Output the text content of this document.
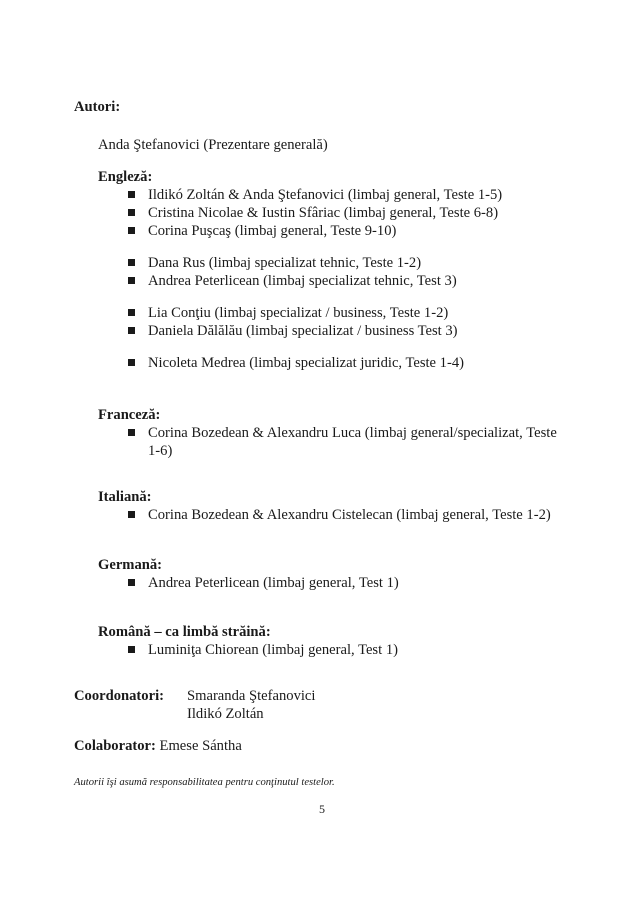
Autori:
Anda Ştefanovici (Prezentare generală)
Engleză:
Ildikó Zoltán & Anda Ştefanovici (limbaj general, Teste 1-5)
Cristina Nicolae & Iustin Sfâriac (limbaj general, Teste 6-8)
Corina Puşcaş (limbaj general, Teste 9-10)
Dana Rus (limbaj specializat tehnic, Teste 1-2)
Andrea Peterlicean (limbaj specializat tehnic, Test 3)
Lia Conţiu (limbaj specializat / business, Teste 1-2)
Daniela Dălălău (limbaj specializat / business Test 3)
Nicoleta Medrea (limbaj specializat juridic, Teste 1-4)
Franceză:
Corina Bozedean & Alexandru Luca (limbaj general/specializat, Teste 1-6)
Italiană:
Corina Bozedean & Alexandru Cistelecan (limbaj general, Teste 1-2)
Germană:
Andrea Peterlicean (limbaj general, Test 1)
Română – ca limbă străină:
Luminiţa Chiorean (limbaj general, Test 1)
Coordonatori: Smaranda Ştefanovici
Ildikó Zoltán
Colaborator: Emese Sántha
Autorii îşi asumă responsabilitatea pentru conţinutul testelor.
5
